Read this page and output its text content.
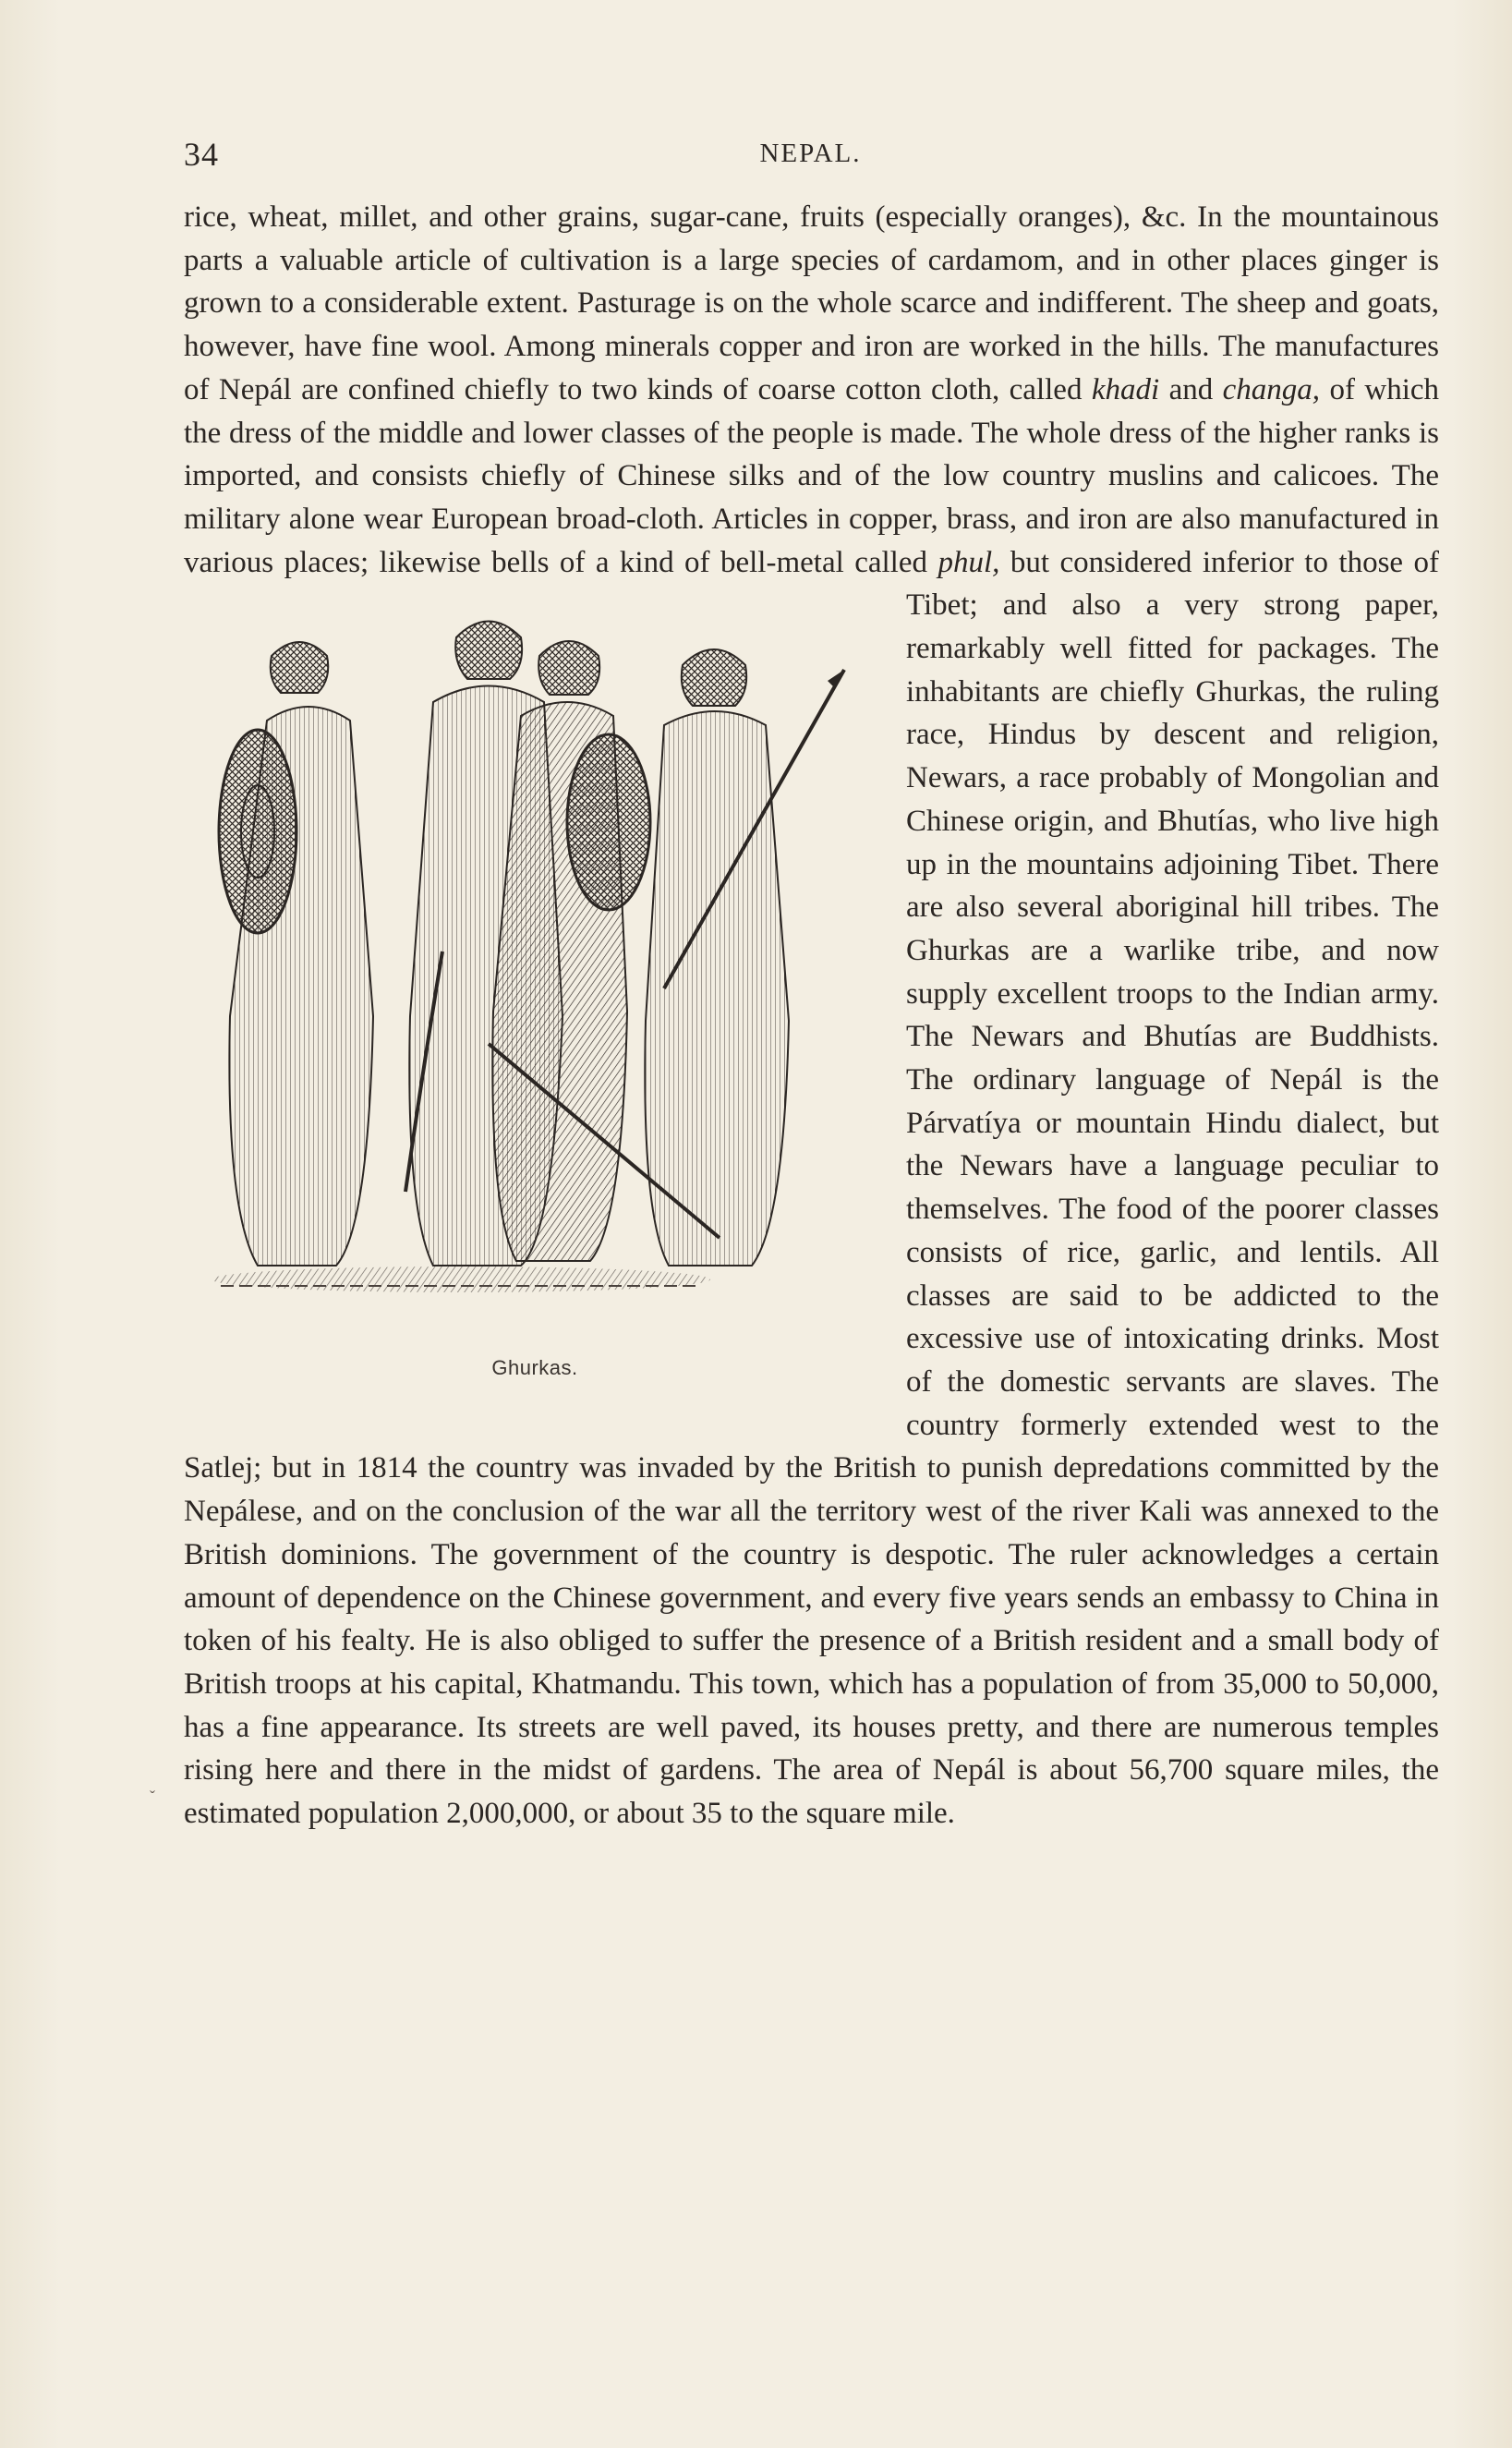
34	NEPAL.

rice, wheat, millet, and other grains, sugar-cane, fruits (especially oranges), &c. In the mountainous parts a valuable article of cultivation is a large species of cardamom, and in other places ginger is grown to a considerable extent. Pasturage is on the whole scarce and indifferent. The sheep and goats, however, have fine wool. Among minerals copper and iron are worked in the hills. The manufactures of Nepál are confined chiefly to two kinds of coarse cotton cloth, called khadi and changa, of which the dress of the middle and lower classes of the people is made. The whole dress of the higher ranks is imported, and consists chiefly of Chinese silks and of the low country muslins and calicoes. The military alone wear European broad-cloth. Articles in copper, brass, and iron are also manufactured in various places; likewise bells of a kind of bell-metal called
Ghurkas.
phul, but considered inferior to those of Tibet; and also a very strong paper, remarkably well fitted for packages. The inhabitants are chiefly Ghurkas, the ruling race, Hindus by descent and religion, Newars, a race probably of Mongolian and Chinese origin, and Bhutías, who live high up in the mountains adjoining Tibet. There are also several aboriginal hill tribes. The Ghurkas are a warlike tribe, and now supply excellent troops to the Indian army. The Newars and Bhutías are Buddhists. The ordinary language of Nepál is the Párvatíya or mountain Hindu dialect, but the Newars have a language peculiar to themselves. The food of the poorer classes consists of rice, garlic, and lentils. All classes are said to be addicted to the excessive use of intoxicating drinks. Most of the domestic servants are slaves. The country formerly extended west to the Satlej; but in 1814 the country was invaded by the British to punish depredations committed by the Nepálese, and on the conclusion of the war all the territory west of the river Kali was annexed to the British dominions. The government of the country is despotic. The ruler acknowledges a certain amount of dependence on the Chinese government, and every five years sends an embassy to China in token of his fealty. He is also obliged to suffer the presence of a British resident and a small body of British troops at his capital, Khatmandu. This town, which has a population of from 35,000 to 50,000, has a fine appearance. Its streets are well paved, its houses pretty, and there are numerous temples rising here and there in the midst of gardens. The area of Nepál is about 56,700 square miles, the estimated population 2,000,000, or about 35 to the square mile.

ˇ
